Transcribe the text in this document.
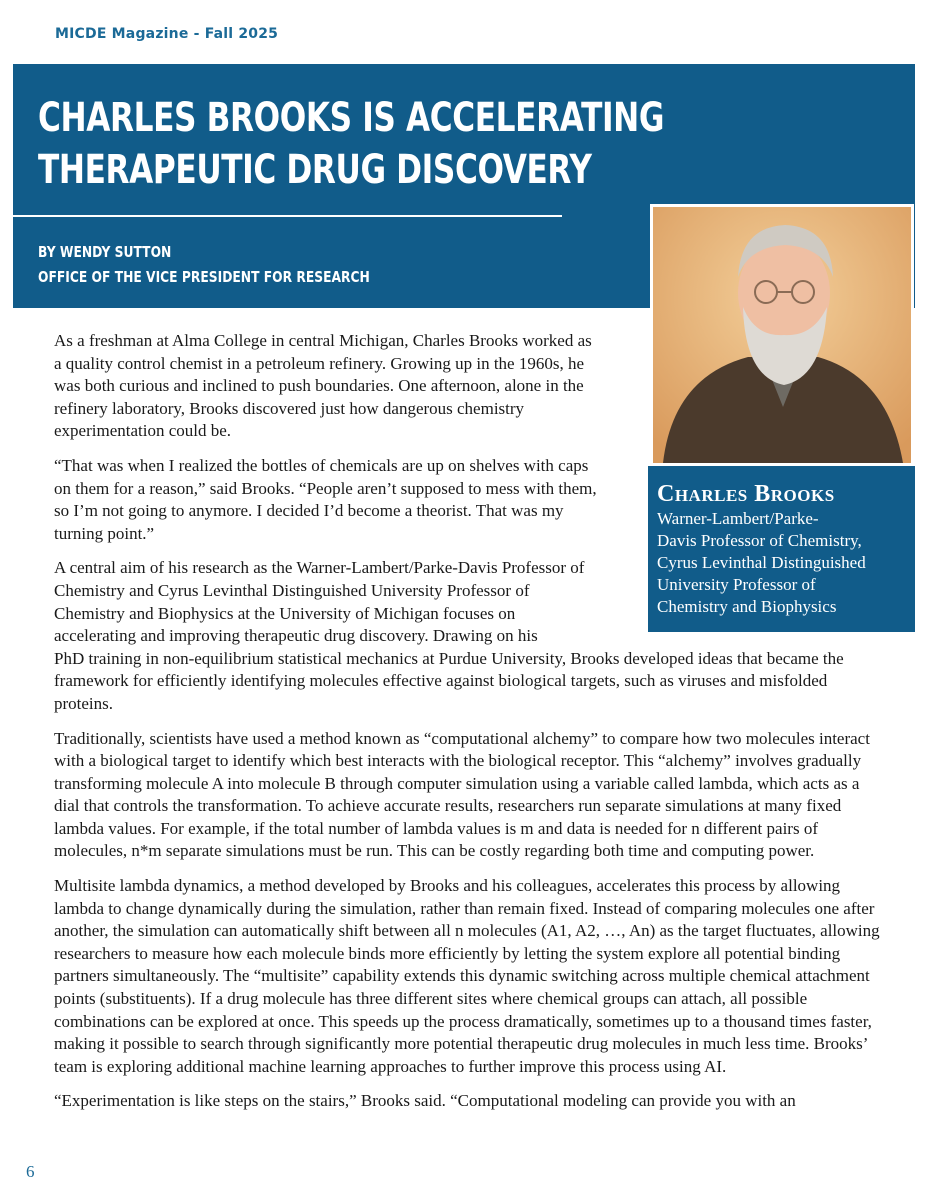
MICDE Magazine - Fall 2025
CHARLES BROOKS IS ACCELERATING
THERAPEUTIC DRUG DISCOVERY
BY WENDY SUTTON
OFFICE OF THE VICE PRESIDENT FOR RESEARCH
Charles Brooks
Warner-Lambert/Parke-
Davis Professor of Chemistry,
Cyrus Levinthal Distinguished
University Professor of
Chemistry and Biophysics

As a freshman at Alma College in central Michigan, Charles Brooks worked as a quality control chemist in a petroleum refinery. Growing up in the 1960s, he was both curious and inclined to push boundaries. One afternoon, alone in the refinery laboratory, Brooks discovered just how dangerous chemistry experimentation could be.

“That was when I realized the bottles of chemicals are up on shelves with caps on them for a reason,” said Brooks. “People aren’t supposed to mess with them, so I’m not going to anymore. I decided I’d become a theorist. That was my turning point.”

A central aim of his research as the Warner-Lambert/Parke-Davis Professor of Chemistry and Cyrus Levinthal Distinguished University Professor of Chemistry and Biophysics at the University of Michigan focuses on accelerating and improving therapeutic drug discovery. Drawing on his

PhD training in non-equilibrium statistical mechanics at Purdue University, Brooks developed ideas that became the framework for efficiently identifying molecules effective against biological targets, such as viruses and misfolded proteins.

Traditionally, scientists have used a method known as “computational alchemy” to compare how two molecules interact with a biological target to identify which best interacts with the biological receptor. This “alchemy” involves gradually transforming molecule A into molecule B through computer simulation using a variable called lambda, which acts as a dial that controls the transformation. To achieve accurate results, researchers run separate simulations at many fixed lambda values. For example, if the total number of lambda values is m and data is needed for n different pairs of molecules, n*m separate simulations must be run. This can be costly regarding both time and computing power.

Multisite lambda dynamics, a method developed by Brooks and his colleagues, accelerates this process by allowing lambda to change dynamically during the simulation, rather than remain fixed. Instead of comparing molecules one after another, the simulation can automatically shift between all n molecules (A1, A2, …, An) as the target fluctuates, allowing researchers to measure how each molecule binds more efficiently by letting the system explore all potential binding partners simultaneously. The “multisite” capability extends this dynamic switching across multiple chemical attachment points (substituents). If a drug molecule has three different sites where chemical groups can attach, all possible combinations can be explored at once. This speeds up the process dramatically, sometimes up to a thousand times faster, making it possible to search through significantly more potential therapeutic drug molecules in much less time. Brooks’ team is exploring additional machine learning approaches to further improve this process using AI.

“Experimentation is like steps on the stairs,” Brooks said. “Computational modeling can provide you with an

6
